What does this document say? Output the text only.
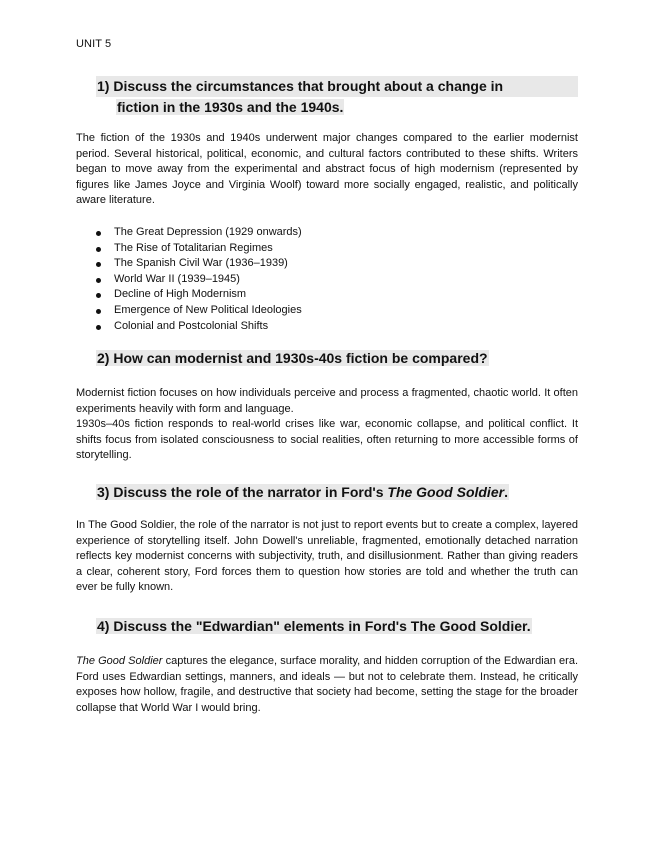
UNIT 5
1) Discuss the circumstances that brought about a change in
fiction in the 1930s and the 1940s.

The fiction of the 1930s and 1940s underwent major changes compared to the earlier modernist period. Several historical, political, economic, and cultural factors contributed to these shifts. Writers began to move away from the experimental and abstract focus of high modernism (represented by figures like James Joyce and Virginia Woolf) toward more socially engaged, realistic, and politically aware literature.

The Great Depression (1929 onwards)
The Rise of Totalitarian Regimes
The Spanish Civil War (1936–1939)
World War II (1939–1945)
Decline of High Modernism
Emergence of New Political Ideologies
Colonial and Postcolonial Shifts
2) How can modernist and 1930s-40s fiction be compared?
Modernist fiction focuses on how individuals perceive and process a fragmented, chaotic world. It often experiments heavily with form and language.
1930s–40s fiction responds to real-world crises like war, economic collapse, and political conflict. It shifts focus from isolated consciousness to social realities, often returning to more accessible forms of storytelling.
3) Discuss the role of the narrator in Ford's The Good Soldier.

In The Good Soldier, the role of the narrator is not just to report events but to create a complex, layered experience of storytelling itself. John Dowell's unreliable, fragmented, emotionally detached narration reflects key modernist concerns with subjectivity, truth, and disillusionment. Rather than giving readers a clear, coherent story, Ford forces them to question how stories are told and whether the truth can ever be fully known.

4) Discuss the "Edwardian" elements in Ford's The Good Soldier.

The Good Soldier captures the elegance, surface morality, and hidden corruption of the Edwardian era. Ford uses Edwardian settings, manners, and ideals — but not to celebrate them. Instead, he critically exposes how hollow, fragile, and destructive that society had become, setting the stage for the broader collapse that World War I would bring.
